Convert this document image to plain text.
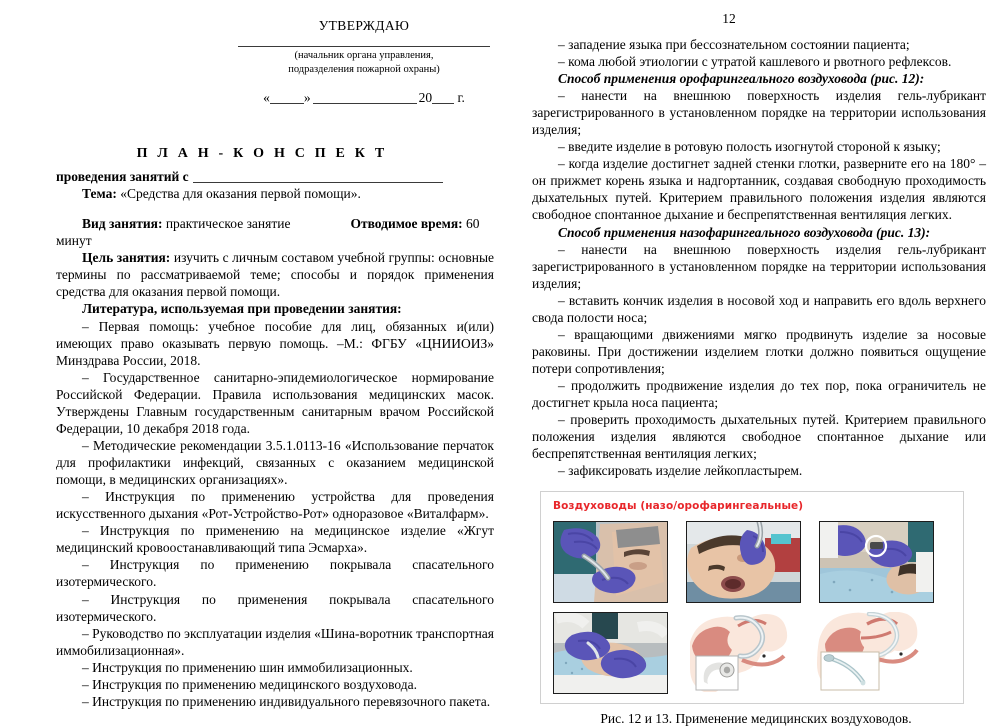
УТВЕРЖДАЮ
(начальник органа управления,
подразделения пожарной охраны)
«	»	20 г.
П Л А Н - К О Н С П Е К Т
проведения занятий с

Тема: «Средства для оказания первой помощи».

Вид занятия: практическое занятие	Отводимое время: 60 минут

Цель занятия: изучить с личным составом учебной группы: основные термины по рассматриваемой теме; способы и порядок применения средства для оказания первой помощи.

Литература, используемая при проведении занятия:

– Первая помощь: учебное пособие для лиц, обязанных и(или) имеющих право оказывать первую помощь. –М.: ФГБУ «ЦНИИОИЗ» Минздрава России, 2018.

– Государственное санитарно-эпидемиологическое нормирование Российской Федерации. Правила использования медицинских масок. Утверждены Главным государственным санитарным врачом Российской Федерации, 10 декабря 2018 года.

– Методические рекомендации 3.5.1.0113-16 «Использование перчаток для профилактики инфекций, связанных с оказанием медицинской помощи, в медицинских организациях».

– Инструкция по применению устройства для проведения искусственного дыхания «Рот-Устройство-Рот» одноразовое «Виталфарм».

– Инструкция по применению на медицинское изделие «Жгут медицинский кровоостанавливающий типа Эсмарха».

– Инструкция по применению покрывала спасательного изотермического.

– Инструкция по применения покрывала спасательного изотермического.

– Руководство по эксплуатации изделия «Шина-воротник транспортная иммобилизационная».

– Инструкция по применению шин иммобилизационных.

– Инструкция по применению медицинского воздуховода.

– Инструкция по применению индивидуального перевязочного пакета.

12

– западение языка при бессознательном состоянии пациента;

– кома любой этиологии с утратой кашлевого и рвотного рефлексов.

Способ применения орофарингеального воздуховода (рис. 12):

– нанести на внешнюю поверхность изделия гель-лубрикант зарегистрированного в установленном порядке на территории использования изделия;

– введите изделие в ротовую полость изогнутой стороной к языку;

– когда изделие достигнет задней стенки глотки, разверните его на 180° – он прижмет корень языка и надгортанник, создавая свободную проходимость дыхательных путей. Критерием правильного положения изделия являются свободное спонтанное дыхание и беспрепятственная вентиляция легких.

Способ применения назофарингеального воздуховода (рис. 13):

– нанести на внешнюю поверхность изделия гель-лубрикант зарегистрированного в установленном порядке на территории использования изделия;

– вставить кончик изделия в носовой ход и направить его вдоль верхнего свода полости носа;

– вращающими движениями мягко продвинуть изделие за носовые раковины. При достижении изделием глотки должно появиться ощущение потери сопротивления;

– продолжить продвижение изделия до тех пор, пока ограничитель не достигнет крыла носа пациента;

– проверить проходимость дыхательных путей. Критерием правильного положения изделия являются свободное спонтанное дыхание или беспрепятственная вентиляция легких;

– зафиксировать изделие лейкопластырем.

Воздуховоды (назо/орофарингеальные)
Рис. 12 и 13. Применение медицинских воздуховодов.
